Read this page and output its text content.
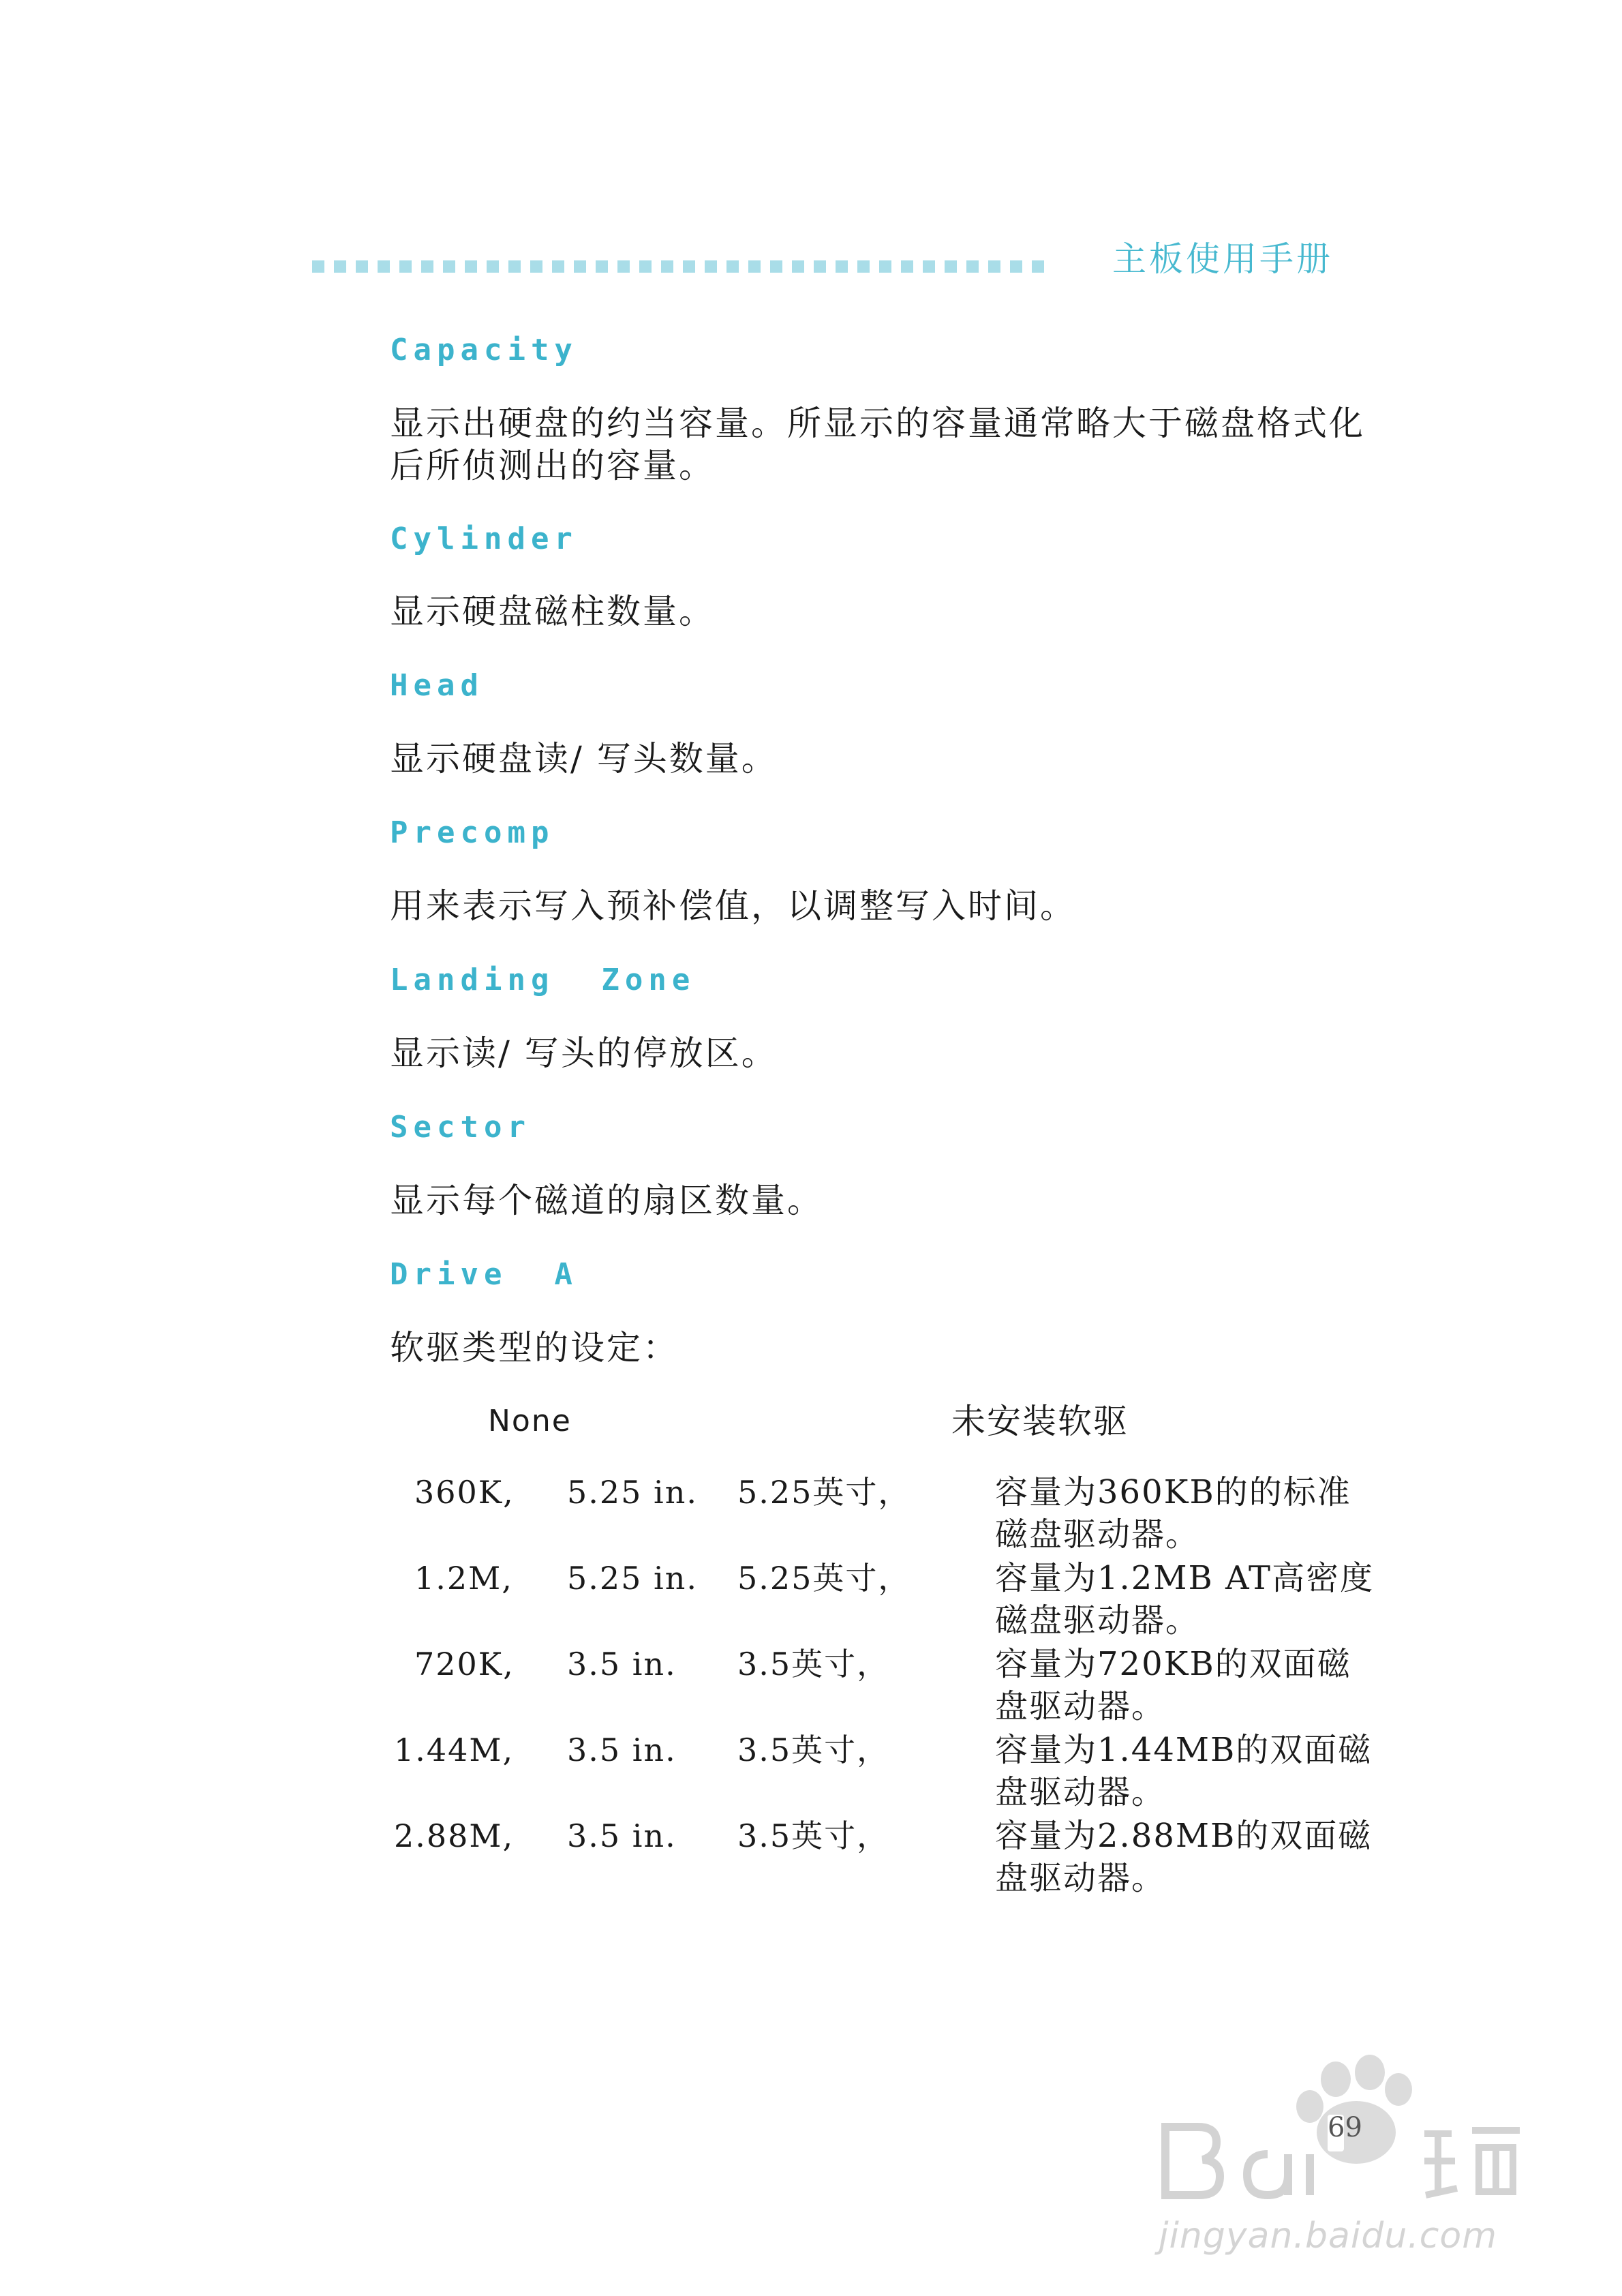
主板使用手册
Capacity
显示出硬盘的约当容量。所显示的容量通常略大于磁盘格式化后所侦测出的容量。
Cylinder
显示硬盘磁柱数量。
Head
显示硬盘读/ 写头数量。
Precomp
用来表示写入预补偿值，以调整写入时间。
Landing  Zone
显示读/ 写头的停放区。
Sector
显示每个磁道的扇区数量。
Drive  A
软驱类型的设定：
None	未安装软驱
360K, 5.25 in. 5.25英寸，	容量为360KB的的标准磁盘驱动器。
1.2M, 5.25 in. 5.25英寸，	容量为1.2MB AT高密度磁盘驱动器。
720K, 3.5 in. 3.5英寸，	容量为720KB的双面磁盘驱动器。
1.44M, 3.5 in. 3.5英寸，	容量为1.44MB的双面磁盘驱动器。
2.88M, 3.5 in. 3.5英寸，	容量为2.88MB的双面磁盘驱动器。
69
jingyan.baidu.com
